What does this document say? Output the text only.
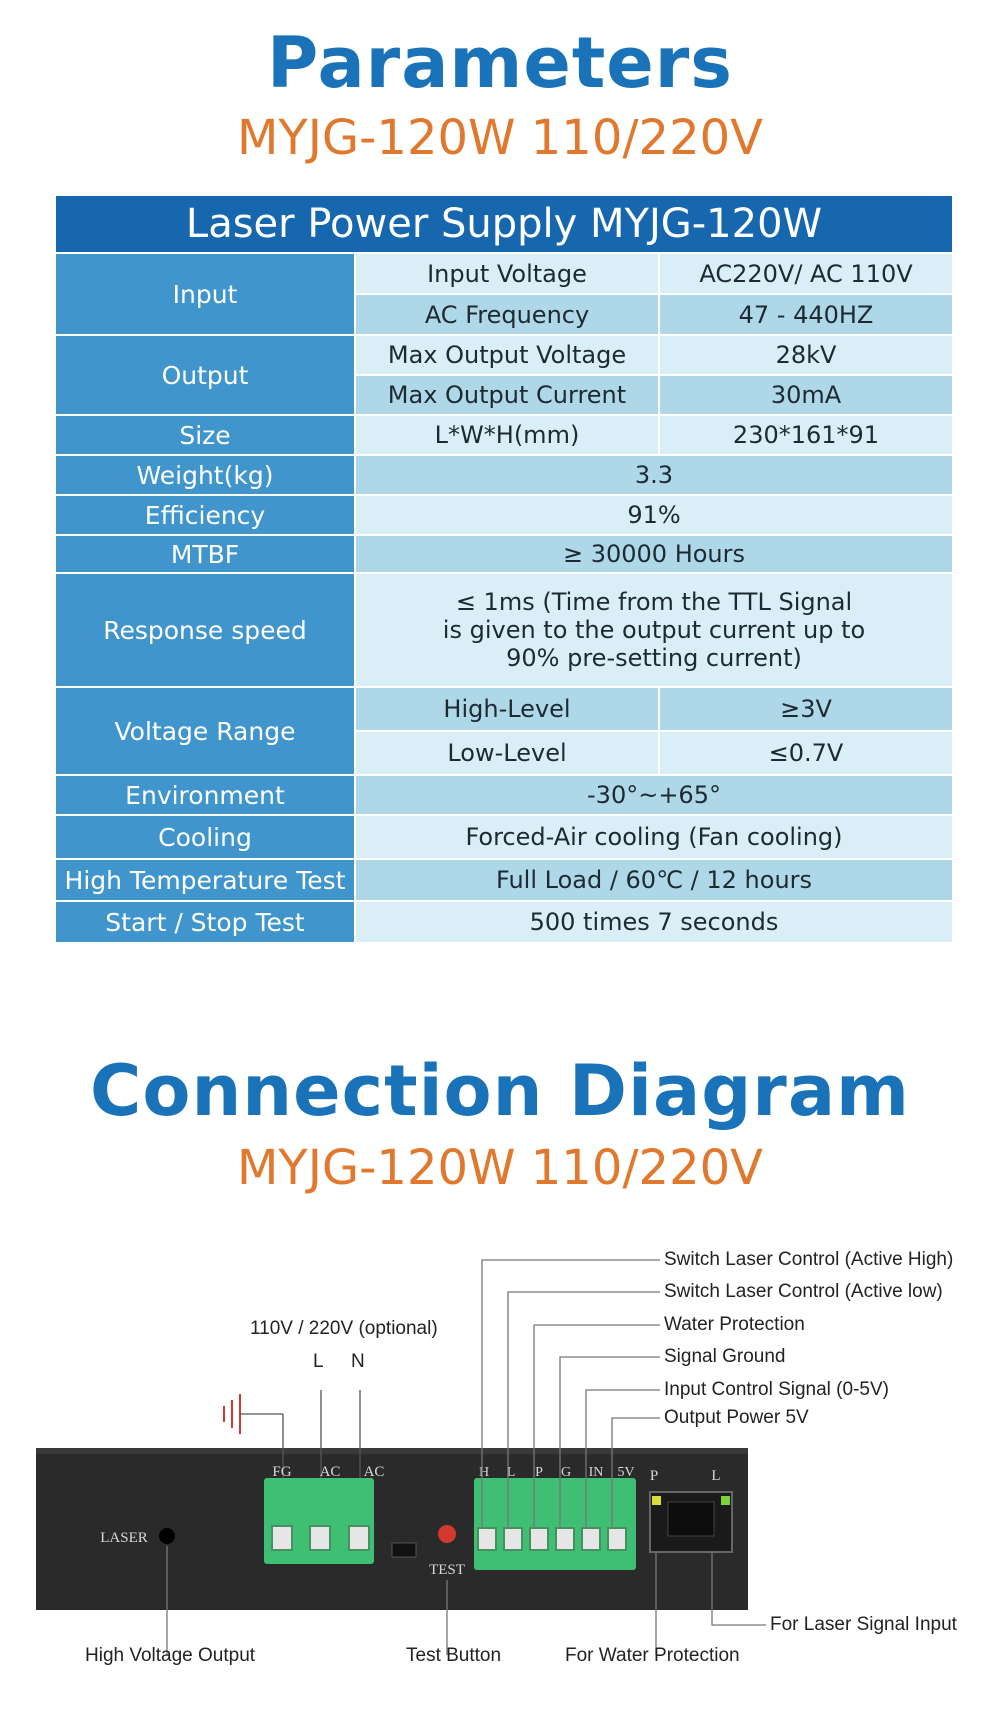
Parameters
MYJG-120W 110/220V
Laser Power Supply MYJG-120W
Input
Input Voltage	AC220V/ AC 110V
AC Frequency	47 - 440HZ
Output
Max Output Voltage	28kV
Max Output Current	30mA
Size	L*W*H(mm)	230*161*91
Weight(kg)	3.3
Efficiency	91%
MTBF	≥ 30000 Hours
Response speed
≤ 1ms (Time from the TTL Signal
is given to the output current up to
90% pre-setting current)
Voltage Range
High-Level	≥3V
Low-Level	≤0.7V
Environment	-30°~+65°
Cooling	Forced-Air cooling (Fan cooling)
High Temperature Test	Full Load / 60℃ / 12 hours
Start / Stop Test	500 times 7 seconds
Connection Diagram
MYJG-120W 110/220V
FG AC AC
TEST
LASER
H L P G IN 5V P	L
Switch Laser Control (Active High)
Switch Laser Control (Active low)
Water Protection
Signal Ground
Input Control Signal (0-5V)
Output Power 5V
110V / 220V (optional)
L N
High Voltage Output	Test Button	For Water Protection
For Laser Signal Input
